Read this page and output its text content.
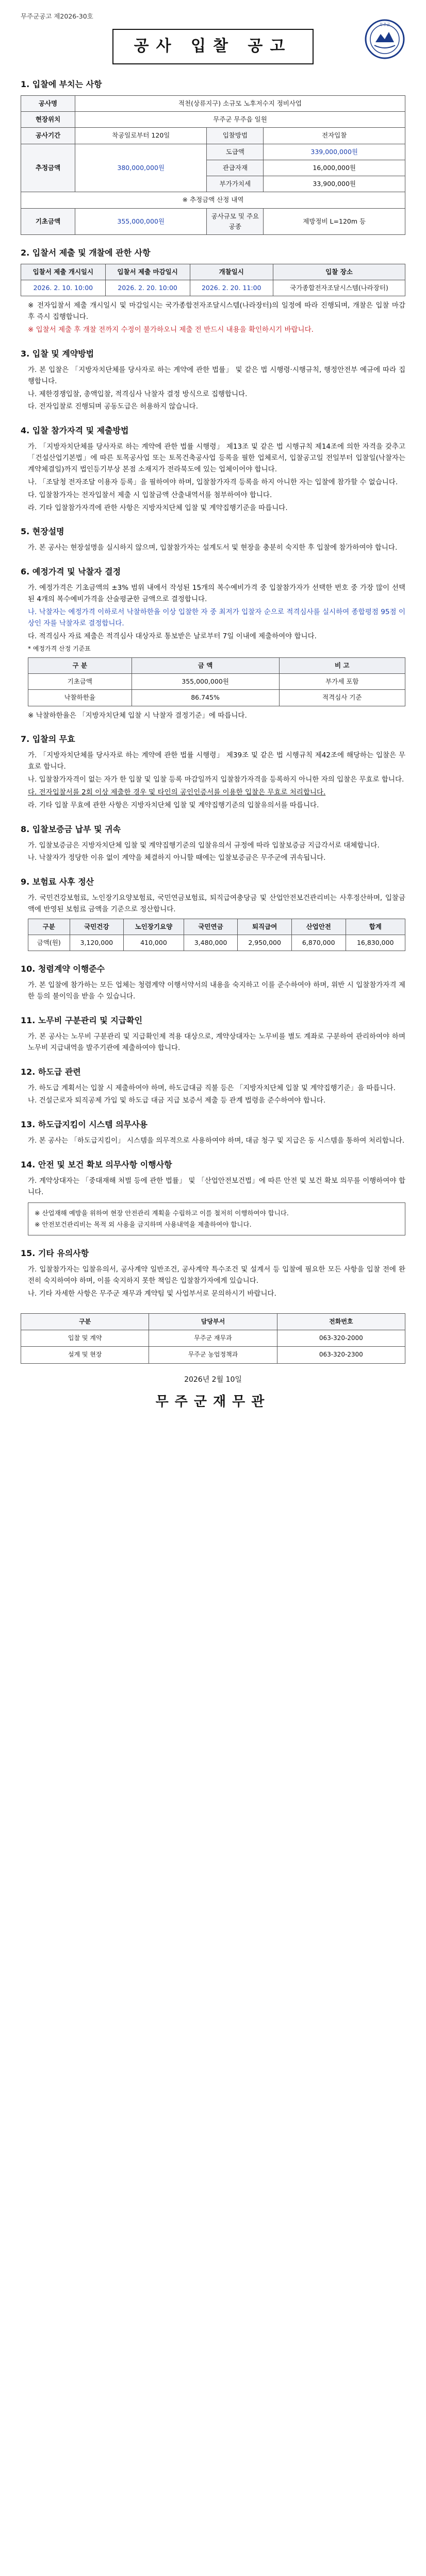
무주군공고 제2026-30호
무주군
공사 입찰 공고
1. 입찰에 부치는 사항
공사명	적천(상류지구) 소규모 노후저수지 정비사업		
현장위치	무주군 무주읍 일원		
공사기간	착공일로부터 120일	입찰방법	전자입찰
추정금액	380,000,000원	도급액	339,000,000원
		관급자재	16,000,000원
		부가가치세	33,900,000원
※ 추정금액 산정 내역			
기초금액	355,000,000원	공사규모 및 주요 공종	제방정비 L=120m 등
2. 입찰서 제출 및 개찰에 관한 사항
입찰서 제출 개시일시	입찰서 제출 마감일시	개찰일시	입찰 장소
2026. 2. 10. 10:00	2026. 2. 20. 10:00	2026. 2. 20. 11:00	국가종합전자조달시스템(나라장터)

※ 전자입찰서 제출 개시일시 및 마감일시는 국가종합전자조달시스템(나라장터)의 일정에 따라 진행되며, 개찰은 입찰 마감 후 즉시 집행합니다.

※ 입찰서 제출 후 개찰 전까지 수정이 불가하오니 제출 전 반드시 내용을 확인하시기 바랍니다.

3. 입찰 및 계약방법

가. 본 입찰은 「지방자치단체를 당사자로 하는 계약에 관한 법률」 및 같은 법 시행령·시행규칙, 행정안전부 예규에 따라 집행합니다.

나. 제한경쟁입찰, 총액입찰, 적격심사 낙찰자 결정 방식으로 집행합니다.

다. 전자입찰로 진행되며 공동도급은 허용하지 않습니다.

4. 입찰 참가자격 및 제출방법

가. 「지방자치단체를 당사자로 하는 계약에 관한 법률 시행령」 제13조 및 같은 법 시행규칙 제14조에 의한 자격을 갖추고 「건설산업기본법」에 따른 토목공사업 또는 토목건축공사업 등록을 필한 업체로서, 입찰공고일 전일부터 입찰일(낙찰자는 계약체결일)까지 법인등기부상 본점 소재지가 전라북도에 있는 업체이어야 합니다.

나. 「조달청 전자조달 이용자 등록」을 필하여야 하며, 입찰참가자격 등록을 하지 아니한 자는 입찰에 참가할 수 없습니다.

다. 입찰참가자는 전자입찰서 제출 시 입찰금액 산출내역서를 첨부하여야 합니다.

라. 기타 입찰참가자격에 관한 사항은 지방자치단체 입찰 및 계약집행기준을 따릅니다.

5. 현장설명

가. 본 공사는 현장설명을 실시하지 않으며, 입찰참가자는 설계도서 및 현장을 충분히 숙지한 후 입찰에 참가하여야 합니다.

6. 예정가격 및 낙찰자 결정

가. 예정가격은 기초금액의 ±3% 범위 내에서 작성된 15개의 복수예비가격 중 입찰참가자가 선택한 번호 중 가장 많이 선택된 4개의 복수예비가격을 산술평균한 금액으로 결정합니다.

나. 낙찰자는 예정가격 이하로서 낙찰하한율 이상 입찰한 자 중 최저가 입찰자 순으로 적격심사를 실시하여 종합평점 95점 이상인 자를 낙찰자로 결정합니다.

다. 적격심사 자료 제출은 적격심사 대상자로 통보받은 날로부터 7일 이내에 제출하여야 합니다.

* 예정가격 산정 기준표
구 분	금 액	비 고
기초금액	355,000,000원	부가세 포함
낙찰하한율	86.745%	적격심사 기준

※ 낙찰하한율은 「지방자치단체 입찰 시 낙찰자 결정기준」에 따릅니다.

7. 입찰의 무효

가. 「지방자치단체를 당사자로 하는 계약에 관한 법률 시행령」 제39조 및 같은 법 시행규칙 제42조에 해당하는 입찰은 무효로 합니다.

나. 입찰참가자격이 없는 자가 한 입찰 및 입찰 등록 마감일까지 입찰참가자격을 등록하지 아니한 자의 입찰은 무효로 합니다.

다. 전자입찰서를 2회 이상 제출한 경우 및 타인의 공인인증서를 이용한 입찰은 무효로 처리합니다.

라. 기타 입찰 무효에 관한 사항은 지방자치단체 입찰 및 계약집행기준의 입찰유의서를 따릅니다.

8. 입찰보증금 납부 및 귀속

가. 입찰보증금은 지방자치단체 입찰 및 계약집행기준의 입찰유의서 규정에 따라 입찰보증금 지급각서로 대체합니다.

나. 낙찰자가 정당한 이유 없이 계약을 체결하지 아니할 때에는 입찰보증금은 무주군에 귀속됩니다.

9. 보험료 사후 정산

가. 국민건강보험료, 노인장기요양보험료, 국민연금보험료, 퇴직급여충당금 및 산업안전보건관리비는 사후정산하며, 입찰금액에 반영된 보험료 금액을 기준으로 정산합니다.

구분	국민건강	노인장기요양	국민연금	퇴직급여	산업안전	합계
금액(원)	3,120,000	410,000	3,480,000	2,950,000	6,870,000	16,830,000
10. 청렴계약 이행준수

가. 본 입찰에 참가하는 모든 업체는 청렴계약 이행서약서의 내용을 숙지하고 이를 준수하여야 하며, 위반 시 입찰참가자격 제한 등의 불이익을 받을 수 있습니다.

11. 노무비 구분관리 및 지급확인

가. 본 공사는 노무비 구분관리 및 지급확인제 적용 대상으로, 계약상대자는 노무비를 별도 계좌로 구분하여 관리하여야 하며 노무비 지급내역을 발주기관에 제출하여야 합니다.

12. 하도급 관련

가. 하도급 계획서는 입찰 시 제출하여야 하며, 하도급대금 직불 등은 「지방자치단체 입찰 및 계약집행기준」을 따릅니다.

나. 건설근로자 퇴직공제 가입 및 하도급 대금 지급 보증서 제출 등 관계 법령을 준수하여야 합니다.

13. 하도급지킴이 시스템 의무사용

가. 본 공사는 「하도급지킴이」 시스템을 의무적으로 사용하여야 하며, 대금 청구 및 지급은 동 시스템을 통하여 처리합니다.

14. 안전 및 보건 확보 의무사항 이행사항

가. 계약상대자는 「중대재해 처벌 등에 관한 법률」 및 「산업안전보건법」에 따른 안전 및 보건 확보 의무를 이행하여야 합니다.

※ 산업재해 예방을 위하여 현장 안전관리 계획을 수립하고 이를 철저히 이행하여야 합니다.

※ 안전보건관리비는 목적 외 사용을 금지하며 사용내역을 제출하여야 합니다.

15. 기타 유의사항

가. 입찰참가자는 입찰유의서, 공사계약 일반조건, 공사계약 특수조건 및 설계서 등 입찰에 필요한 모든 사항을 입찰 전에 완전히 숙지하여야 하며, 이를 숙지하지 못한 책임은 입찰참가자에게 있습니다.

나. 기타 자세한 사항은 무주군 재무과 계약팀 및 사업부서로 문의하시기 바랍니다.

구분	담당부서	전화번호
입찰 및 계약	무주군 재무과	063-320-2000
설계 및 현장	무주군 농업정책과	063-320-2300
2026년 2월 10일
무주군재무관
